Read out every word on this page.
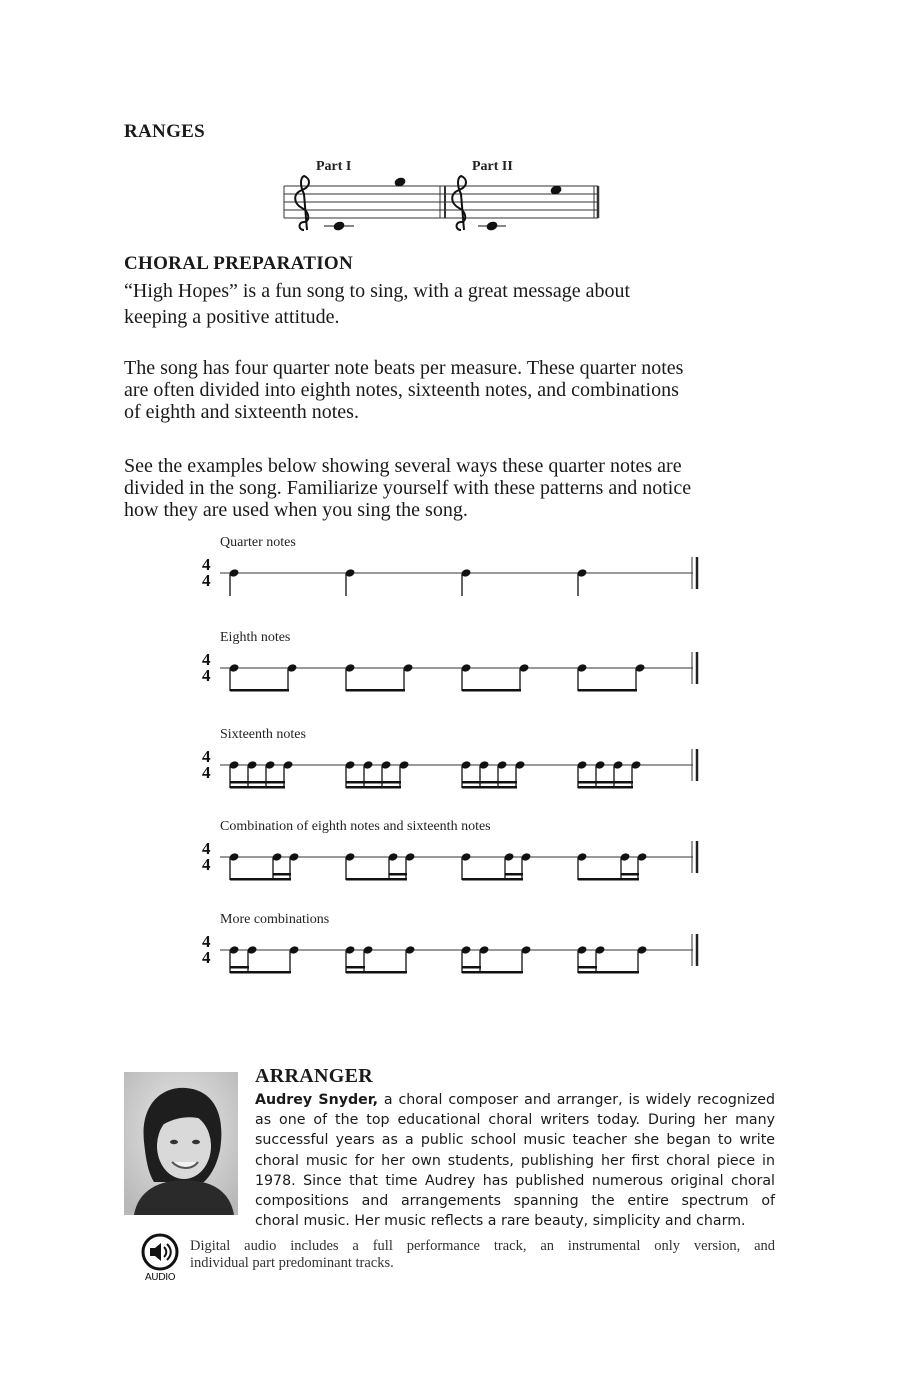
RANGES
Part I	Part II
CHORAL PREPARATION
“High Hopes” is a fun song to sing, with a great message about
keeping a positive attitude.
The song has four quarter note beats per measure. These quarter notes
are often divided into eighth notes, sixteenth notes, and combinations
of eighth and sixteenth notes.
See the examples below showing several ways these quarter notes are
divided in the song. Familiarize yourself with these patterns and notice
how they are used when you sing the song.
Quarter notes
4
4
Eighth notes
4
4
Sixteenth notes
4
4
Combination of eighth notes and sixteenth notes
4
4
More combinations
4
4
ARRANGER
Audrey Snyder, a choral composer and arranger, is widely recognized
as one of the top educational choral writers today. During her many
successful years as a public school music teacher she began to write
choral music for her own students, publishing her first choral piece in
1978. Since that time Audrey has published numerous original choral
compositions and arrangements spanning the entire spectrum of
choral music. Her music reflects a rare beauty, simplicity and charm.
AUDIO
Digital audio includes a full performance track, an instrumental only version, and
individual part predominant tracks.
